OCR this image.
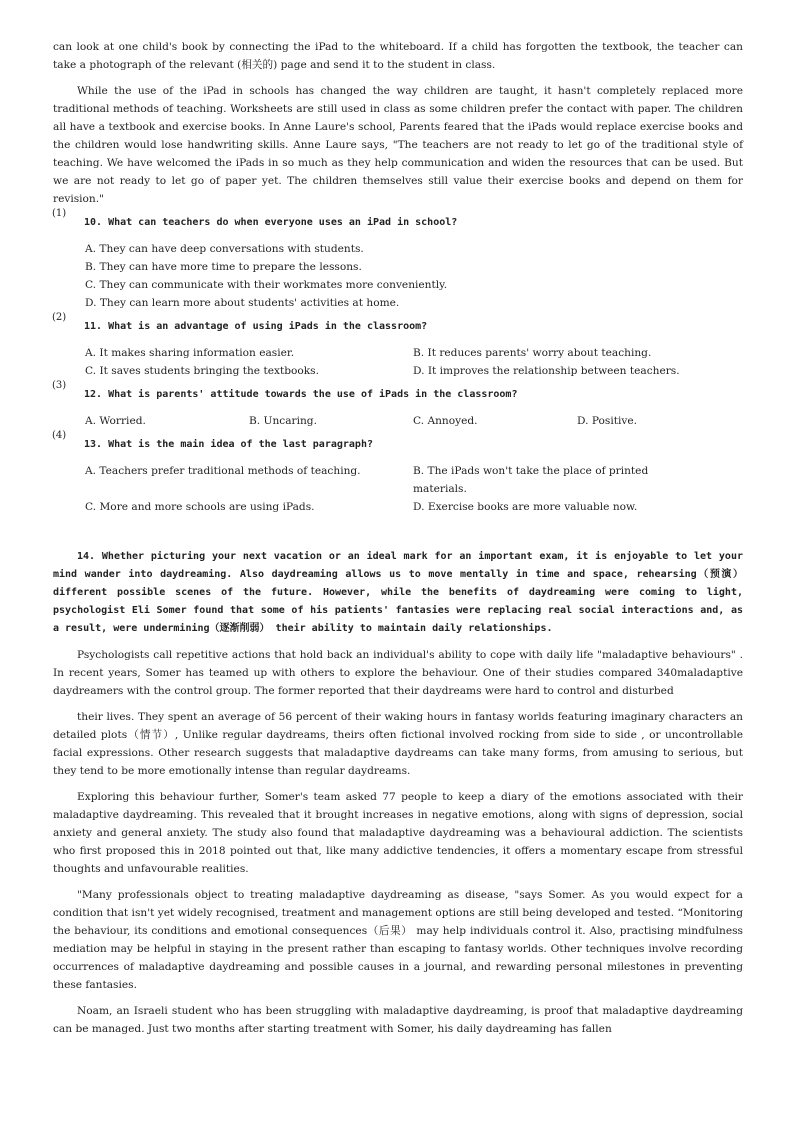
can look at one child's book by connecting the iPad to the whiteboard. If a child has forgotten the textbook, the teacher can take a photograph of the relevant (相关的) page and send it to the student in class.

While the use of the iPad in schools has changed the way children are taught, it hasn't completely replaced more traditional methods of teaching. Worksheets are still used in class as some children prefer the contact with paper. The children all have a textbook and exercise books. In Anne Laure's school, Parents feared that the iPads would replace exercise books and the children would lose handwriting skills. Anne Laure says, "The teachers are not ready to let go of the traditional style of teaching. We have welcomed the iPads in so much as they help communication and widen the resources that can be used. But we are not ready to let go of paper yet. The children themselves still value their exercise books and depend on them for revision."

(1)
10. What can teachers do when everyone uses an iPad in school?
A. They can have deep conversations with students.
B. They can have more time to prepare the lessons.
C. They can communicate with their workmates more conveniently.
D. They can learn more about students' activities at home.
(2)
11. What is an advantage of using iPads in the classroom?
A. It makes sharing information easier.	B. It reduces parents' worry about teaching.
C. It saves students bringing the textbooks.	D. It improves the relationship between teachers.
(3)
12. What is parents' attitude towards the use of iPads in the classroom?
A. Worried.	B. Uncaring.	C. Annoyed.	D. Positive.
(4)
13. What is the main idea of the last paragraph?
A. Teachers prefer traditional methods of teaching.	B. The iPads won't take the place of printed materials.
C. More and more schools are using iPads.	D. Exercise books are more valuable now.

14. Whether picturing your next vacation or an ideal mark for an important exam, it is enjoyable to let your mind wander into daydreaming. Also daydreaming allows us to move mentally in time and space, rehearsing（预演）different possible scenes of the future. However, while the benefits of daydreaming were coming to light, psychologist Eli Somer found that some of his patients' fantasies were replacing real social interactions and, as a result, were undermining（逐渐削弱） their ability to maintain daily relationships.

Psychologists call repetitive actions that hold back an individual's ability to cope with daily life "maladaptive behaviours" . In recent years, Somer has teamed up with others to explore the behaviour. One of their studies compared 340maladaptive daydreamers with the control group. The former reported that their daydreams were hard to control and disturbed

their lives. They spent an average of 56 percent of their waking hours in fantasy worlds featuring imaginary characters an detailed plots（情节）, Unlike regular daydreams, theirs often fictional involved rocking from side to side , or uncontrollable facial expressions. Other research suggests that maladaptive daydreams can take many forms, from amusing to serious, but they tend to be more emotionally intense than regular daydreams.

Exploring this behaviour further, Somer's team asked 77 people to keep a diary of the emotions associated with their maladaptive daydreaming. This revealed that it brought increases in negative emotions, along with signs of depression, social anxiety and general anxiety. The study also found that maladaptive daydreaming was a behavioural addiction. The scientists who first proposed this in 2018 pointed out that, like many addictive tendencies, it offers a momentary escape from stressful thoughts and unfavourable realities.

"Many professionals object to treating maladaptive daydreaming as disease, "says Somer. As you would expect for a condition that isn't yet widely recognised, treatment and management options are still being developed and tested. “Monitoring the behaviour, its conditions and emotional consequences（后果） may help individuals control it. Also, practising mindfulness mediation may be helpful in staying in the present rather than escaping to fantasy worlds. Other techniques involve recording occurrences of maladaptive daydreaming and possible causes in a journal, and rewarding personal milestones in preventing these fantasies.

Noam, an Israeli student who has been struggling with maladaptive daydreaming, is proof that maladaptive daydreaming can be managed. Just two months after starting treatment with Somer, his daily daydreaming has fallen
